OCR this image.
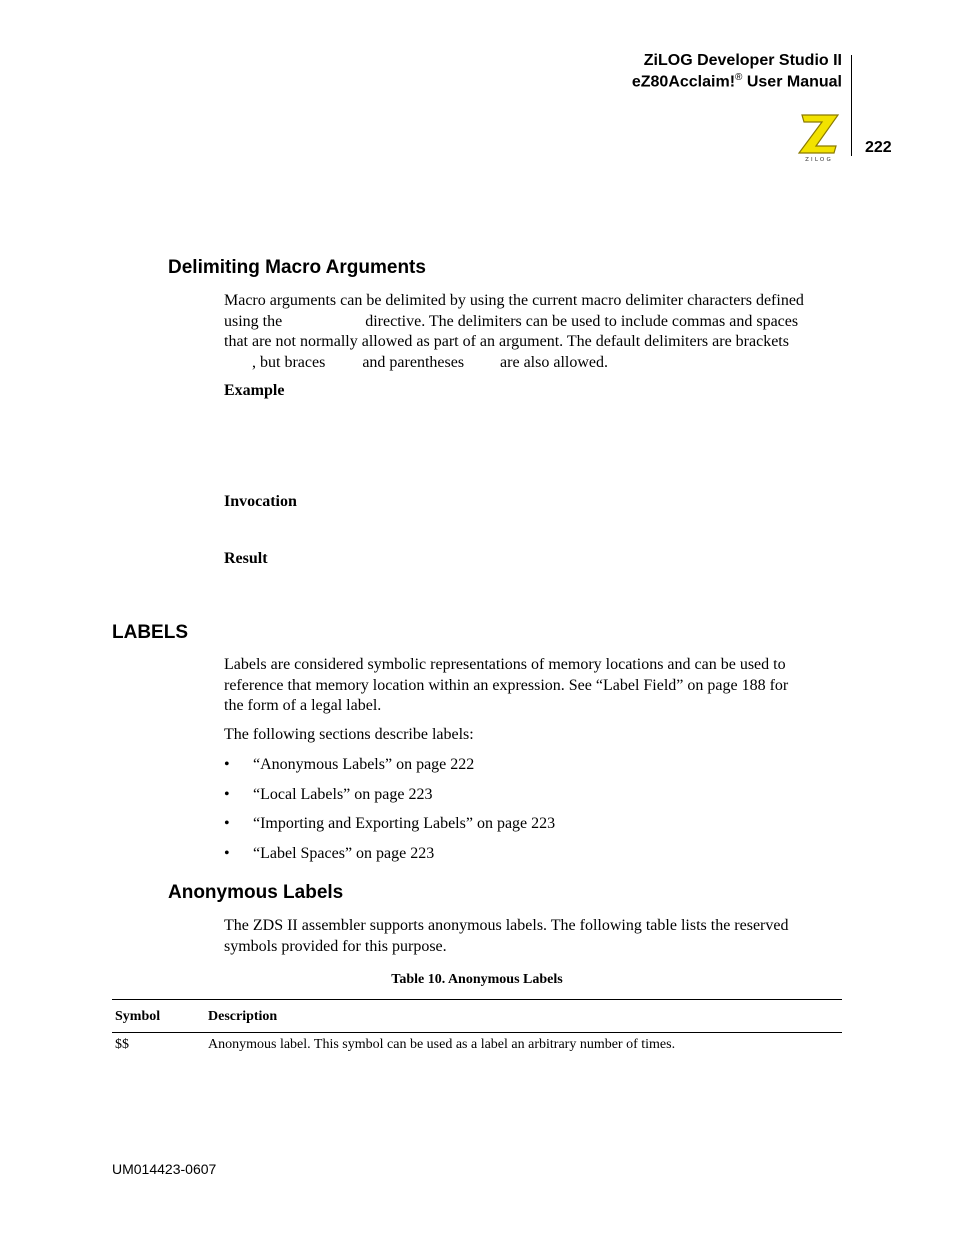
ZiLOG Developer Studio II
eZ80Acclaim!® User Manual
ZILOG
222
Delimiting Macro Arguments
Macro arguments can be delimited by using the current macro delimiter characters defined
using the	directive. The delimiters can be used to include commas and spaces
that are not normally allowed as part of an argument. The default delimiters are brackets
, but braces and parentheses are also allowed.
Example
Invocation
Result
LABELS
Labels are considered symbolic representations of memory locations and can be used to
reference that memory location within an expression. See “Label Field” on page 188 for
the form of a legal label.
The following sections describe labels:
• “Anonymous Labels” on page 222
• “Local Labels” on page 223
• “Importing and Exporting Labels” on page 223
• “Label Spaces” on page 223
Anonymous Labels
The ZDS II assembler supports anonymous labels. The following table lists the reserved
symbols provided for this purpose.
Table 10. Anonymous Labels
Symbol	Description
$$	Anonymous label. This symbol can be used as a label an arbitrary number of times.
UM014423-0607
